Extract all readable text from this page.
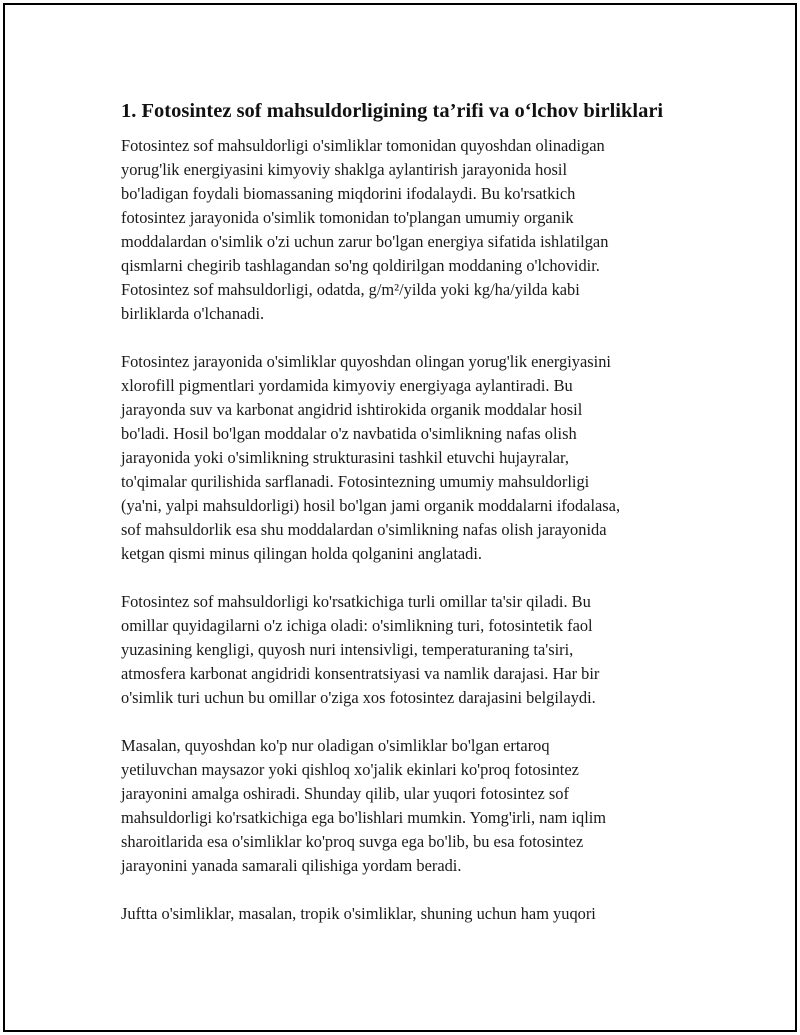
1. Fotosintez sof mahsuldorligining ta’rifi va o‘lchov birliklari

Fotosintez sof mahsuldorligi o'simliklar tomonidan quyoshdan olinadigan
yorug'lik energiyasini kimyoviy shaklga aylantirish jarayonida hosil
bo'ladigan foydali biomassaning miqdorini ifodalaydi. Bu ko'rsatkich
fotosintez jarayonida o'simlik tomonidan to'plangan umumiy organik
moddalardan o'simlik o'zi uchun zarur bo'lgan energiya sifatida ishlatilgan
qismlarni chegirib tashlagandan so'ng qoldirilgan moddaning o'lchovidir.
Fotosintez sof mahsuldorligi, odatda, g/m²/yilda yoki kg/ha/yilda kabi
birliklarda o'lchanadi.

Fotosintez jarayonida o'simliklar quyoshdan olingan yorug'lik energiyasini
xlorofill pigmentlari yordamida kimyoviy energiyaga aylantiradi. Bu
jarayonda suv va karbonat angidrid ishtirokida organik moddalar hosil
bo'ladi. Hosil bo'lgan moddalar o'z navbatida o'simlikning nafas olish
jarayonida yoki o'simlikning strukturasini tashkil etuvchi hujayralar,
to'qimalar qurilishida sarflanadi. Fotosintezning umumiy mahsuldorligi
(ya'ni, yalpi mahsuldorligi) hosil bo'lgan jami organik moddalarni ifodalasa,
sof mahsuldorlik esa shu moddalardan o'simlikning nafas olish jarayonida
ketgan qismi minus qilingan holda qolganini anglatadi.

Fotosintez sof mahsuldorligi ko'rsatkichiga turli omillar ta'sir qiladi. Bu
omillar quyidagilarni o'z ichiga oladi: o'simlikning turi, fotosintetik faol
yuzasining kengligi, quyosh nuri intensivligi, temperaturaning ta'siri,
atmosfera karbonat angidridi konsentratsiyasi va namlik darajasi. Har bir
o'simlik turi uchun bu omillar o'ziga xos fotosintez darajasini belgilaydi.

Masalan, quyoshdan ko'p nur oladigan o'simliklar bo'lgan ertaroq
yetiluvchan maysazor yoki qishloq xo'jalik ekinlari ko'proq fotosintez
jarayonini amalga oshiradi. Shunday qilib, ular yuqori fotosintez sof
mahsuldorligi ko'rsatkichiga ega bo'lishlari mumkin. Yomg'irli, nam iqlim
sharoitlarida esa o'simliklar ko'proq suvga ega bo'lib, bu esa fotosintez
jarayonini yanada samarali qilishiga yordam beradi.

Juftta o'simliklar, masalan, tropik o'simliklar, shuning uchun ham yuqori
